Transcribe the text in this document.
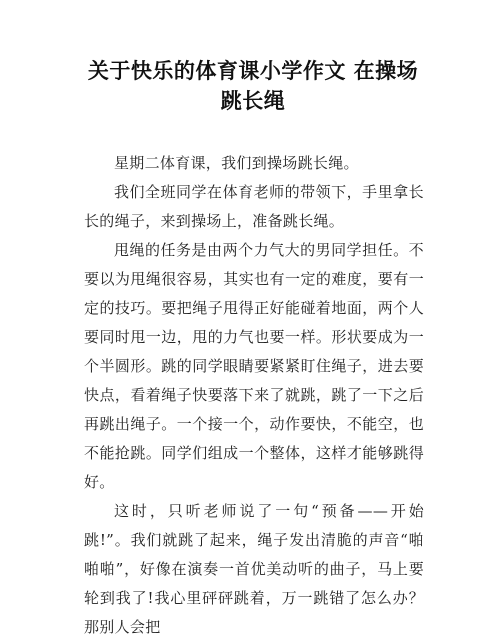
关于快乐的体育课小学作文 在操场跳长绳

星期二体育课，我们到操场跳长绳。

我们全班同学在体育老师的带领下，手里拿长长的绳子，来到操场上，准备跳长绳。

甩绳的任务是由两个力气大的男同学担任。不要以为甩绳很容易，其实也有一定的难度，要有一定的技巧。要把绳子甩得正好能碰着地面，两个人要同时甩一边，甩的力气也要一样。形状要成为一个半圆形。跳的同学眼睛要紧紧盯住绳子，进去要快点，看着绳子快要落下来了就跳，跳了一下之后再跳出绳子。一个接一个，动作要快，不能空，也不能抢跳。同学们组成一个整体，这样才能够跳得好。

这时，只听老师说了一句“预备——开始跳!”。我们就跳了起来，绳子发出清脆的声音“啪啪啪”，好像在演奏一首优美动听的曲子，马上要轮到我了!我心里砰砰跳着，万一跳错了怎么办？那别人会把
